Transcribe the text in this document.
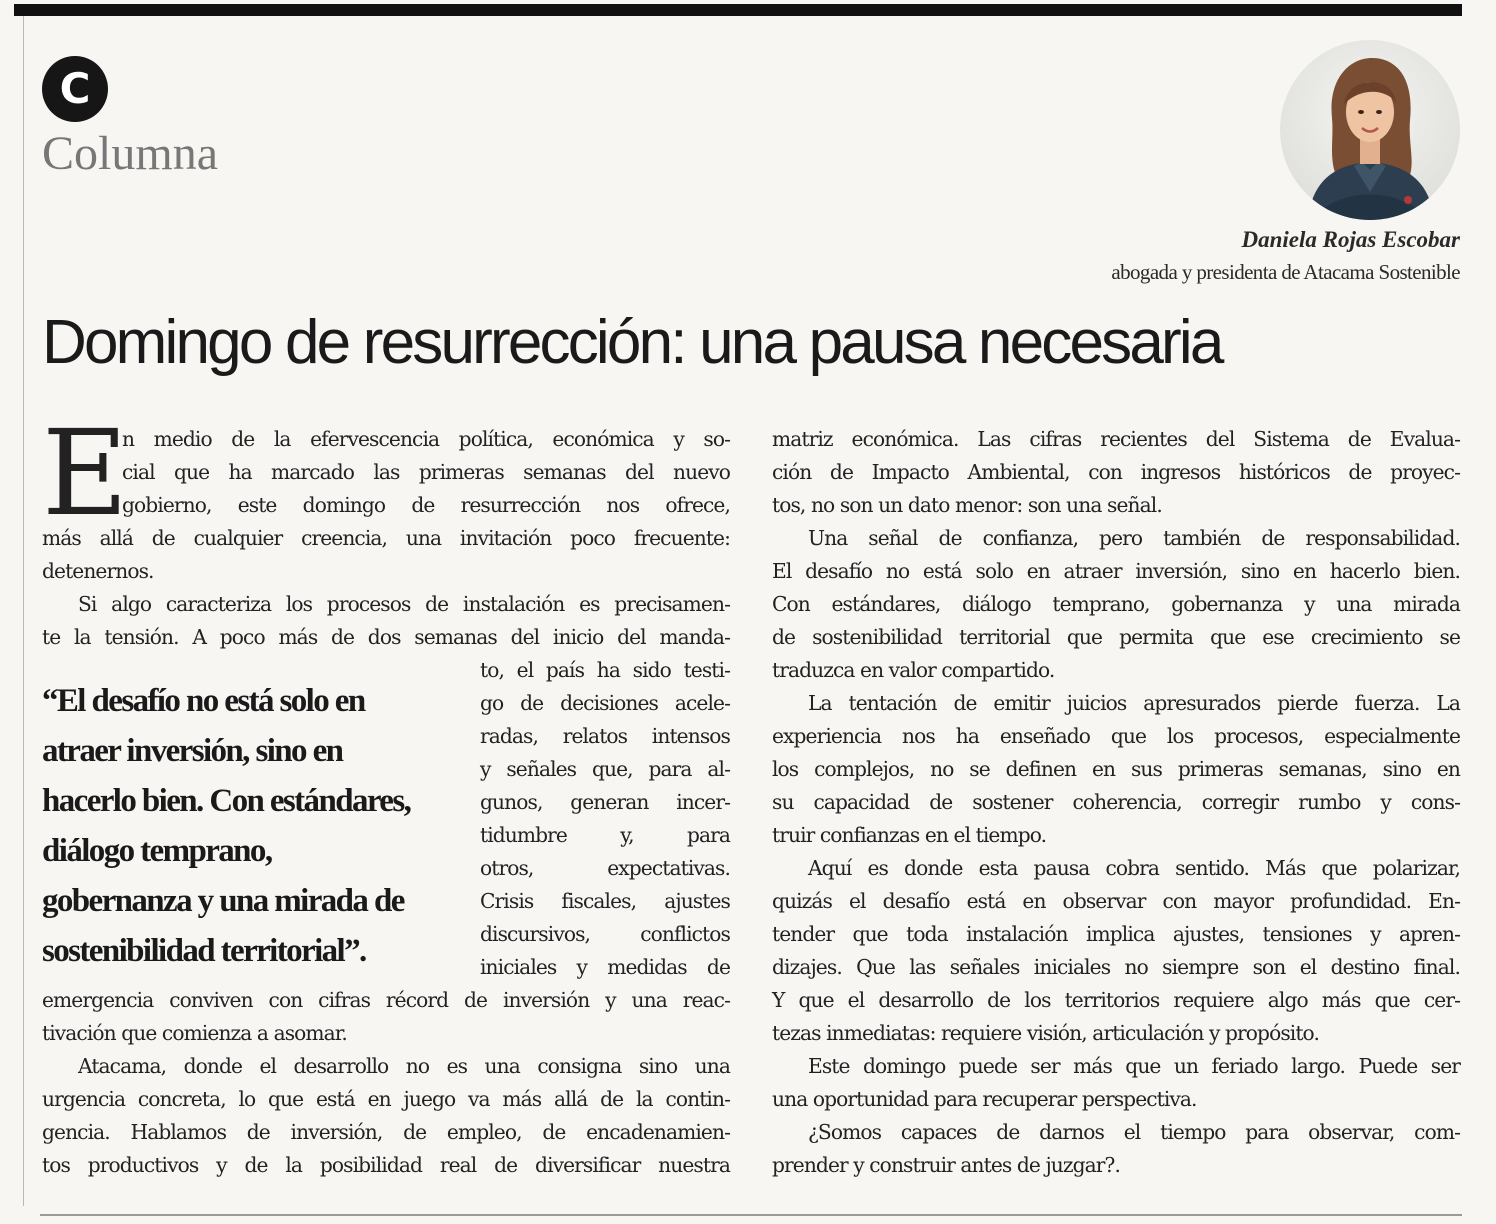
C
Columna
Daniela Rojas Escobar
abogada y presidenta de Atacama Sostenible
Domingo de resurrección: una pausa necesaria
E
n medio de la efervescencia política, económica y so-
cial que ha marcado las primeras semanas del nuevo
gobierno, este domingo de resurrección nos ofrece,
más allá de cualquier creencia, una invitación poco frecuente:
detenernos.
Si algo caracteriza los procesos de instalación es precisamen-
te la tensión. A poco más de dos semanas del inicio del manda-
to, el país ha sido testi-
go de decisiones acele-
radas, relatos intensos
y señales que, para al-
gunos, generan incer-
tidumbre y, para
otros, expectativas.
Crisis fiscales, ajustes
discursivos, conflictos
iniciales y medidas de
emergencia conviven con cifras récord de inversión y una reac-
tivación que comienza a asomar.
Atacama, donde el desarrollo no es una consigna sino una
urgencia concreta, lo que está en juego va más allá de la contin-
gencia. Hablamos de inversión, de empleo, de encadenamien-
tos productivos y de la posibilidad real de diversificar nuestra
“El desafío no está solo en
atraer inversión, sino en
hacerlo bien. Con estándares,
diálogo temprano,
gobernanza y una mirada de
sostenibilidad territorial”.
matriz económica. Las cifras recientes del Sistema de Evalua-
ción de Impacto Ambiental, con ingresos históricos de proyec-
tos, no son un dato menor: son una señal.
Una señal de confianza, pero también de responsabilidad.
El desafío no está solo en atraer inversión, sino en hacerlo bien.
Con estándares, diálogo temprano, gobernanza y una mirada
de sostenibilidad territorial que permita que ese crecimiento se
traduzca en valor compartido.
La tentación de emitir juicios apresurados pierde fuerza. La
experiencia nos ha enseñado que los procesos, especialmente
los complejos, no se definen en sus primeras semanas, sino en
su capacidad de sostener coherencia, corregir rumbo y cons-
truir confianzas en el tiempo.
Aquí es donde esta pausa cobra sentido. Más que polarizar,
quizás el desafío está en observar con mayor profundidad. En-
tender que toda instalación implica ajustes, tensiones y apren-
dizajes. Que las señales iniciales no siempre son el destino final.
Y que el desarrollo de los territorios requiere algo más que cer-
tezas inmediatas: requiere visión, articulación y propósito.
Este domingo puede ser más que un feriado largo. Puede ser
una oportunidad para recuperar perspectiva.
¿Somos capaces de darnos el tiempo para observar, com-
prender y construir antes de juzgar?.
